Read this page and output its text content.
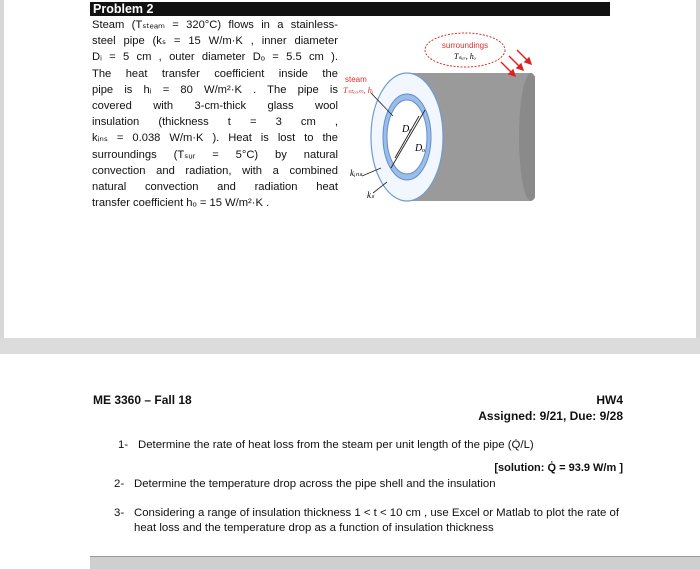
Problem 2
Steam (Tₛₜₑₐₘ = 320°C) flows in a stainless-
steel pipe (kₛ = 15 W/m·K , inner diameter
Dᵢ = 5 cm , outer diameter Dₒ = 5.5 cm ).
The heat transfer coefficient inside the
pipe is hᵢ = 80 W/m²·K . The pipe is
covered with 3-cm-thick glass wool
insulation (thickness t = 3 cm ,
kᵢₙₛ = 0.038 W/m·K ). Heat is lost to the
surroundings (Tₛᵤᵣ = 5°C) by natural
convection and radiation, with a combined
natural convection and radiation heat
transfer coefficient hₒ = 15 W/m²·K .
Dᵢ
Dₒ
kᵢₙₛ
kₛ
steam
Tₛₜₑₐₘ, hᵢ
surroundings
Tₛᵤᵣ, hₒ
ME 3360 – Fall 18	HW4
Assigned: 9/21, Due: 9/28
1- Determine the rate of heat loss from the steam per unit length of the pipe (Q̇/L)
[solution: Q̇ = 93.9 W/m ]
2- Determine the temperature drop across the pipe shell and the insulation
3- Considering a range of insulation thickness 1 < t < 10 cm , use Excel or Matlab to plot the rate of heat loss and the temperature drop as a function of insulation thickness
